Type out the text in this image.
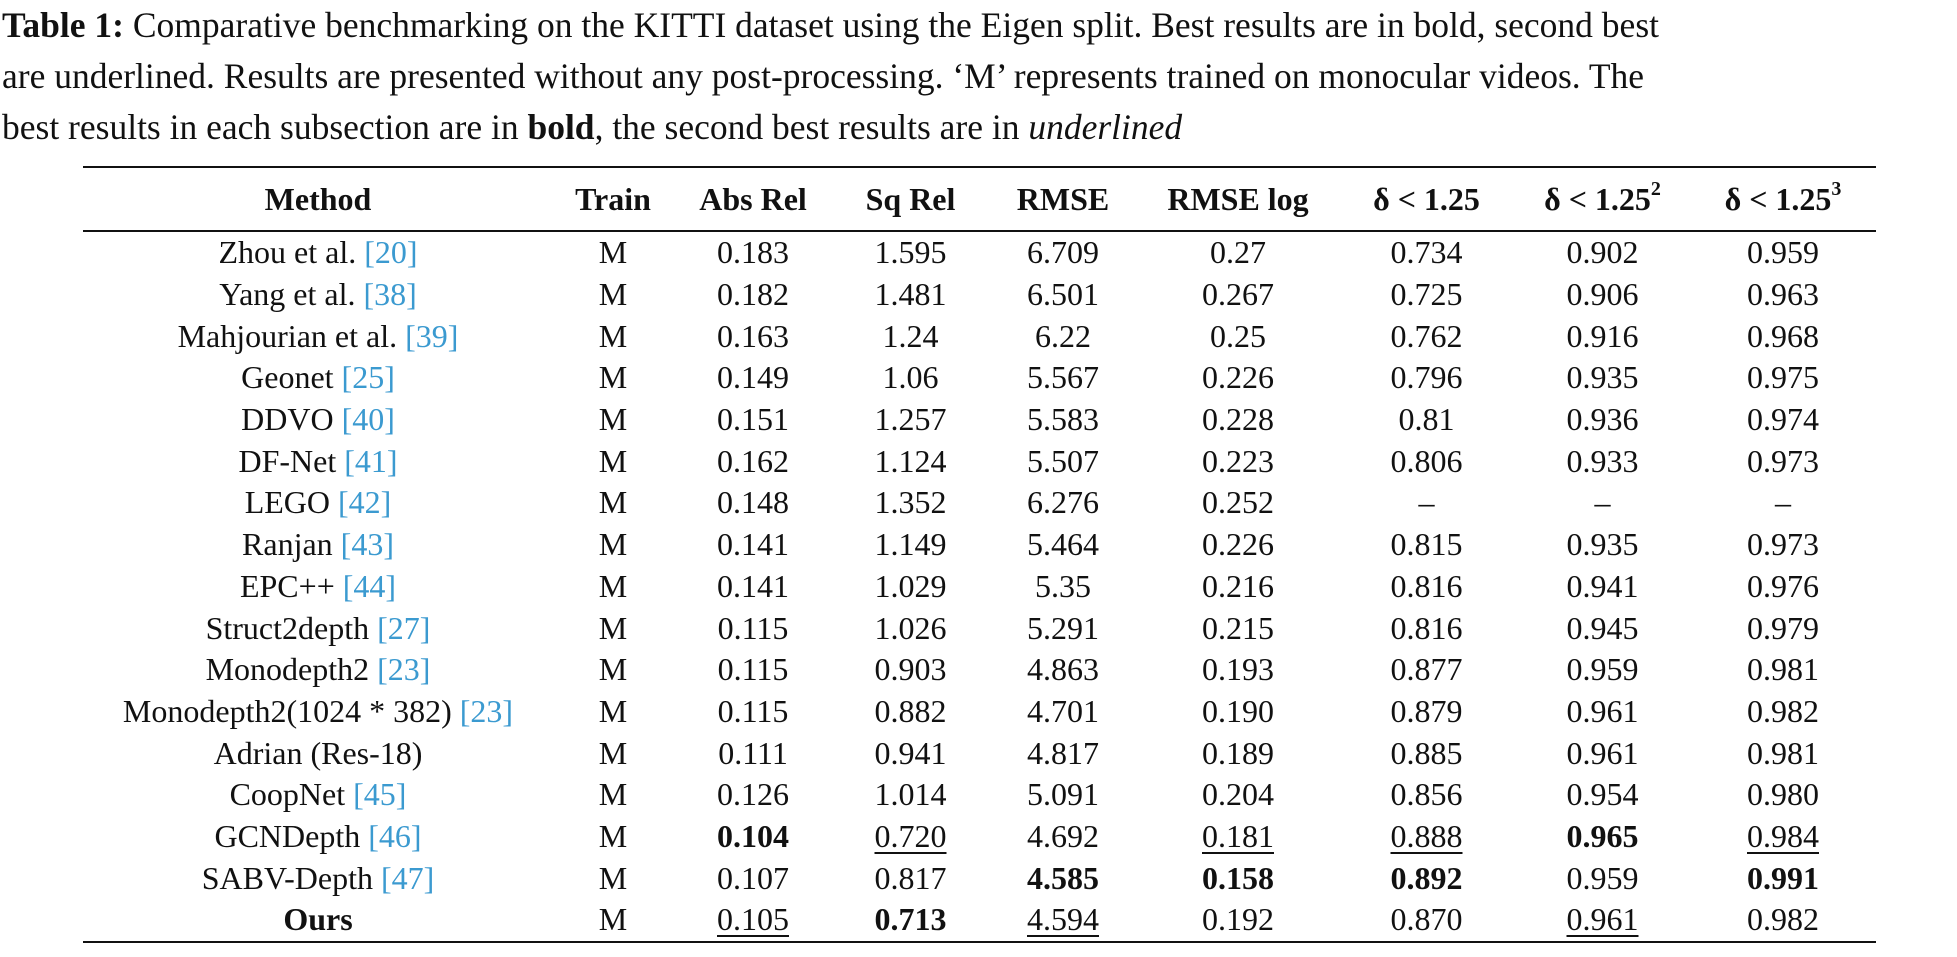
Table 1: Comparative benchmarking on the KITTI dataset using the Eigen split. Best results are in bold, second best
are underlined. Results are presented without any post-processing. ‘M’ represents trained on monocular videos. The
best results in each subsection are in bold, the second best results are in underlined
Method	Train	Abs Rel	Sq Rel	RMSE	RMSE log	δ < 1.25	$\delta < 1.25^2$	$\delta < 1.25^3$
Zhou et al. [20]	M	0.183	1.595	6.709	0.27	0.734	0.902	0.959
Yang et al. [38]	M	0.182	1.481	6.501	0.267	0.725	0.906	0.963
Mahjourian et al. [39]	M	0.163	1.24	6.22	0.25	0.762	0.916	0.968
Geonet [25]	M	0.149	1.06	5.567	0.226	0.796	0.935	0.975
DDVO [40]	M	0.151	1.257	5.583	0.228	0.81	0.936	0.974
DF-Net [41]	M	0.162	1.124	5.507	0.223	0.806	0.933	0.973
LEGO [42]	M	0.148	1.352	6.276	0.252	–	–	–
Ranjan [43]	M	0.141	1.149	5.464	0.226	0.815	0.935	0.973
EPC++ [44]	M	0.141	1.029	5.35	0.216	0.816	0.941	0.976
Struct2depth [27]	M	0.115	1.026	5.291	0.215	0.816	0.945	0.979
Monodepth2 [23]	M	0.115	0.903	4.863	0.193	0.877	0.959	0.981
Monodepth2(1024 * 382) [23]	M	0.115	0.882	4.701	0.190	0.879	0.961	0.982
Adrian (Res-18)	M	0.111	0.941	4.817	0.189	0.885	0.961	0.981
CoopNet [45]	M	0.126	1.014	5.091	0.204	0.856	0.954	0.980
GCNDepth [46]	M	0.104	0.720	4.692	0.181	0.888	0.965	0.984
SABV-Depth [47]	M	0.107	0.817	4.585	0.158	0.892	0.959	0.991
Ours	M	0.105	0.713	4.594	0.192	0.870	0.961	0.982
